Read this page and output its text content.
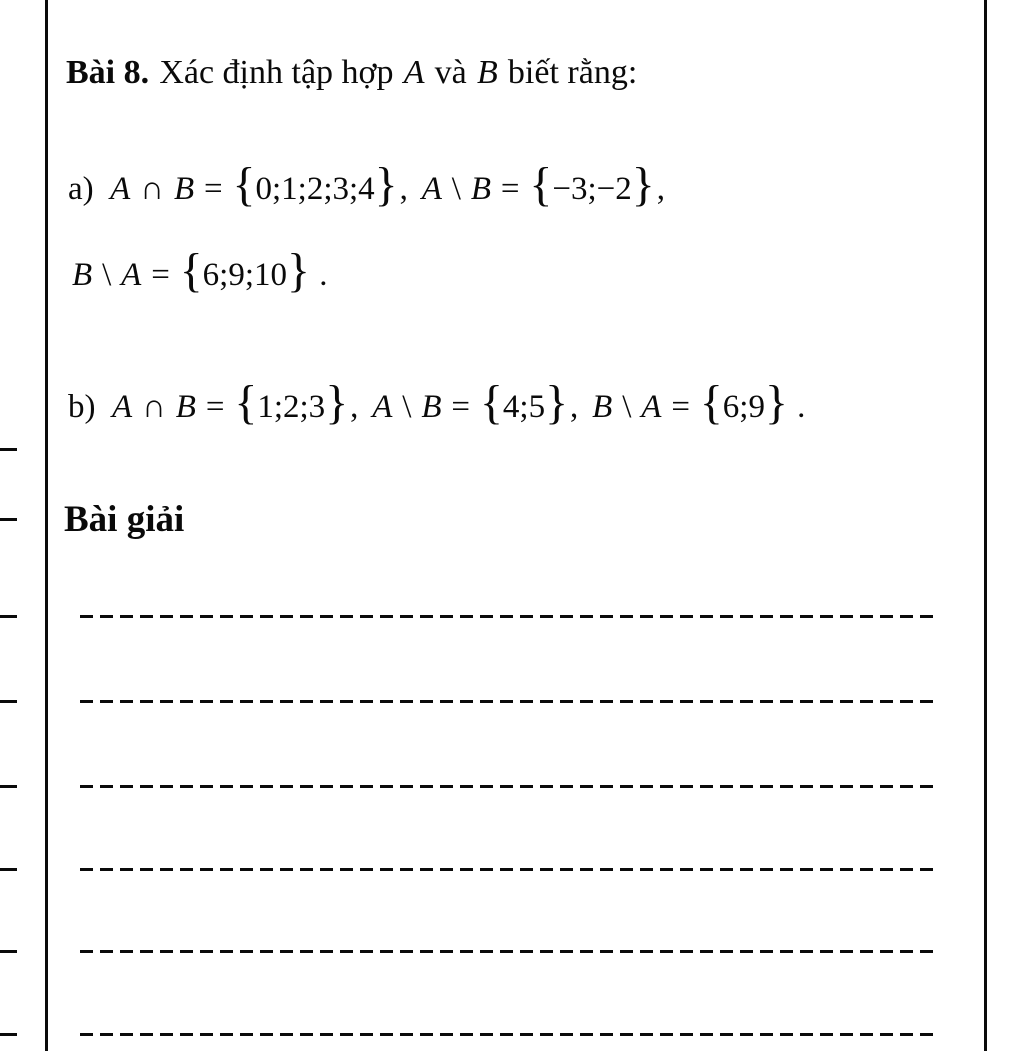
Bài 8. Xác định tập hợp A và B biết rằng:

a) A ∩ B = { 0;1;2;3;4 } , A \ B = { −3;−2 } ,

B \ A = { 6;9;10 } .

b) A ∩ B = { 1;2;3 } , A \ B = { 4;5 } , B \ A = { 6;9 } .

Bài giải
